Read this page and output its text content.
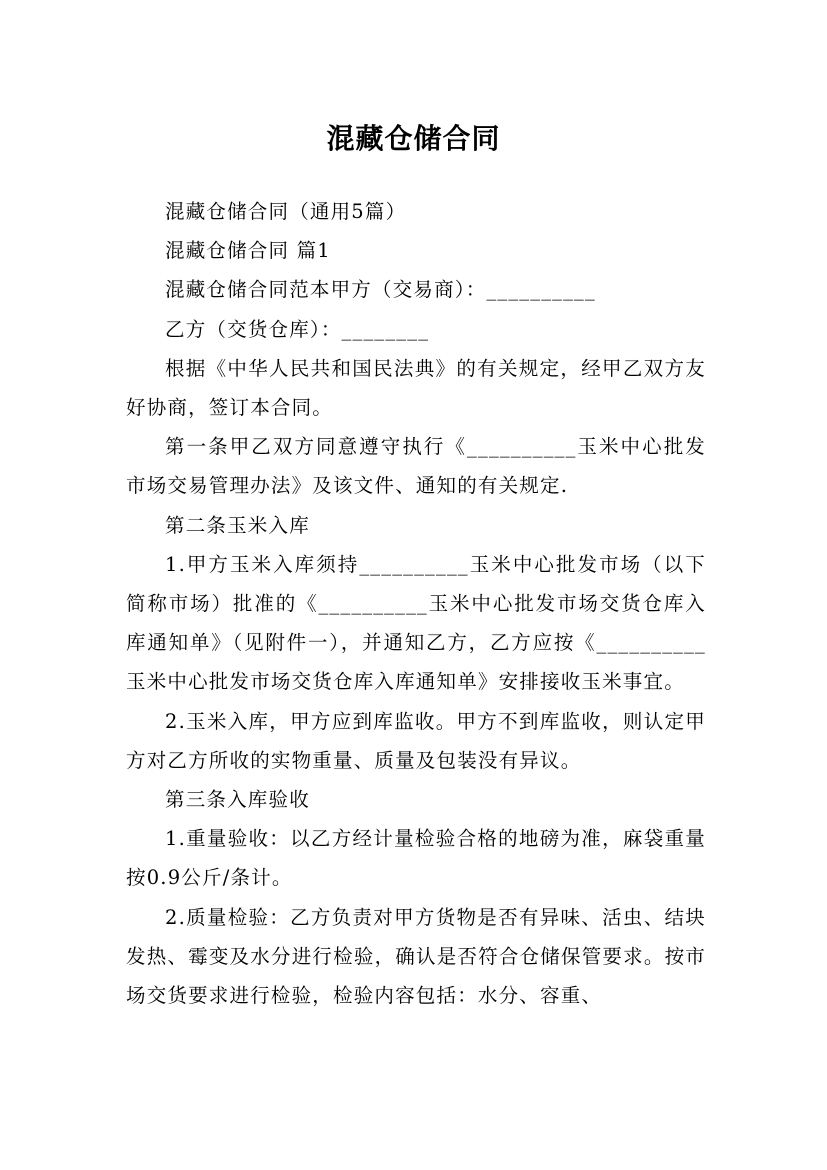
混藏仓储合同

混藏仓储合同（通用5篇）

混藏仓储合同 篇1

混藏仓储合同范本甲方（交易商）：__________

乙方（交货仓库）：________

根据《中华人民共和国民法典》的有关规定，经甲乙双方友好协商，签订本合同。

第一条甲乙双方同意遵守执行《__________玉米中心批发市场交易管理办法》及该文件、通知的有关规定.

第二条玉米入库

1.甲方玉米入库须持__________玉米中心批发市场（以下简称市场）批准的《__________玉米中心批发市场交货仓库入库通知单》（见附件一），并通知乙方，乙方应按《__________玉米中心批发市场交货仓库入库通知单》安排接收玉米事宜。

2.玉米入库，甲方应到库监收。甲方不到库监收，则认定甲方对乙方所收的实物重量、质量及包装没有异议。

第三条入库验收

1.重量验收：以乙方经计量检验合格的地磅为准，麻袋重量按0.9公斤/条计。

2.质量检验：乙方负责对甲方货物是否有异味、活虫、结块发热、霉变及水分进行检验，确认是否符合仓储保管要求。按市场交货要求进行检验，检验内容包括：水分、容重、
